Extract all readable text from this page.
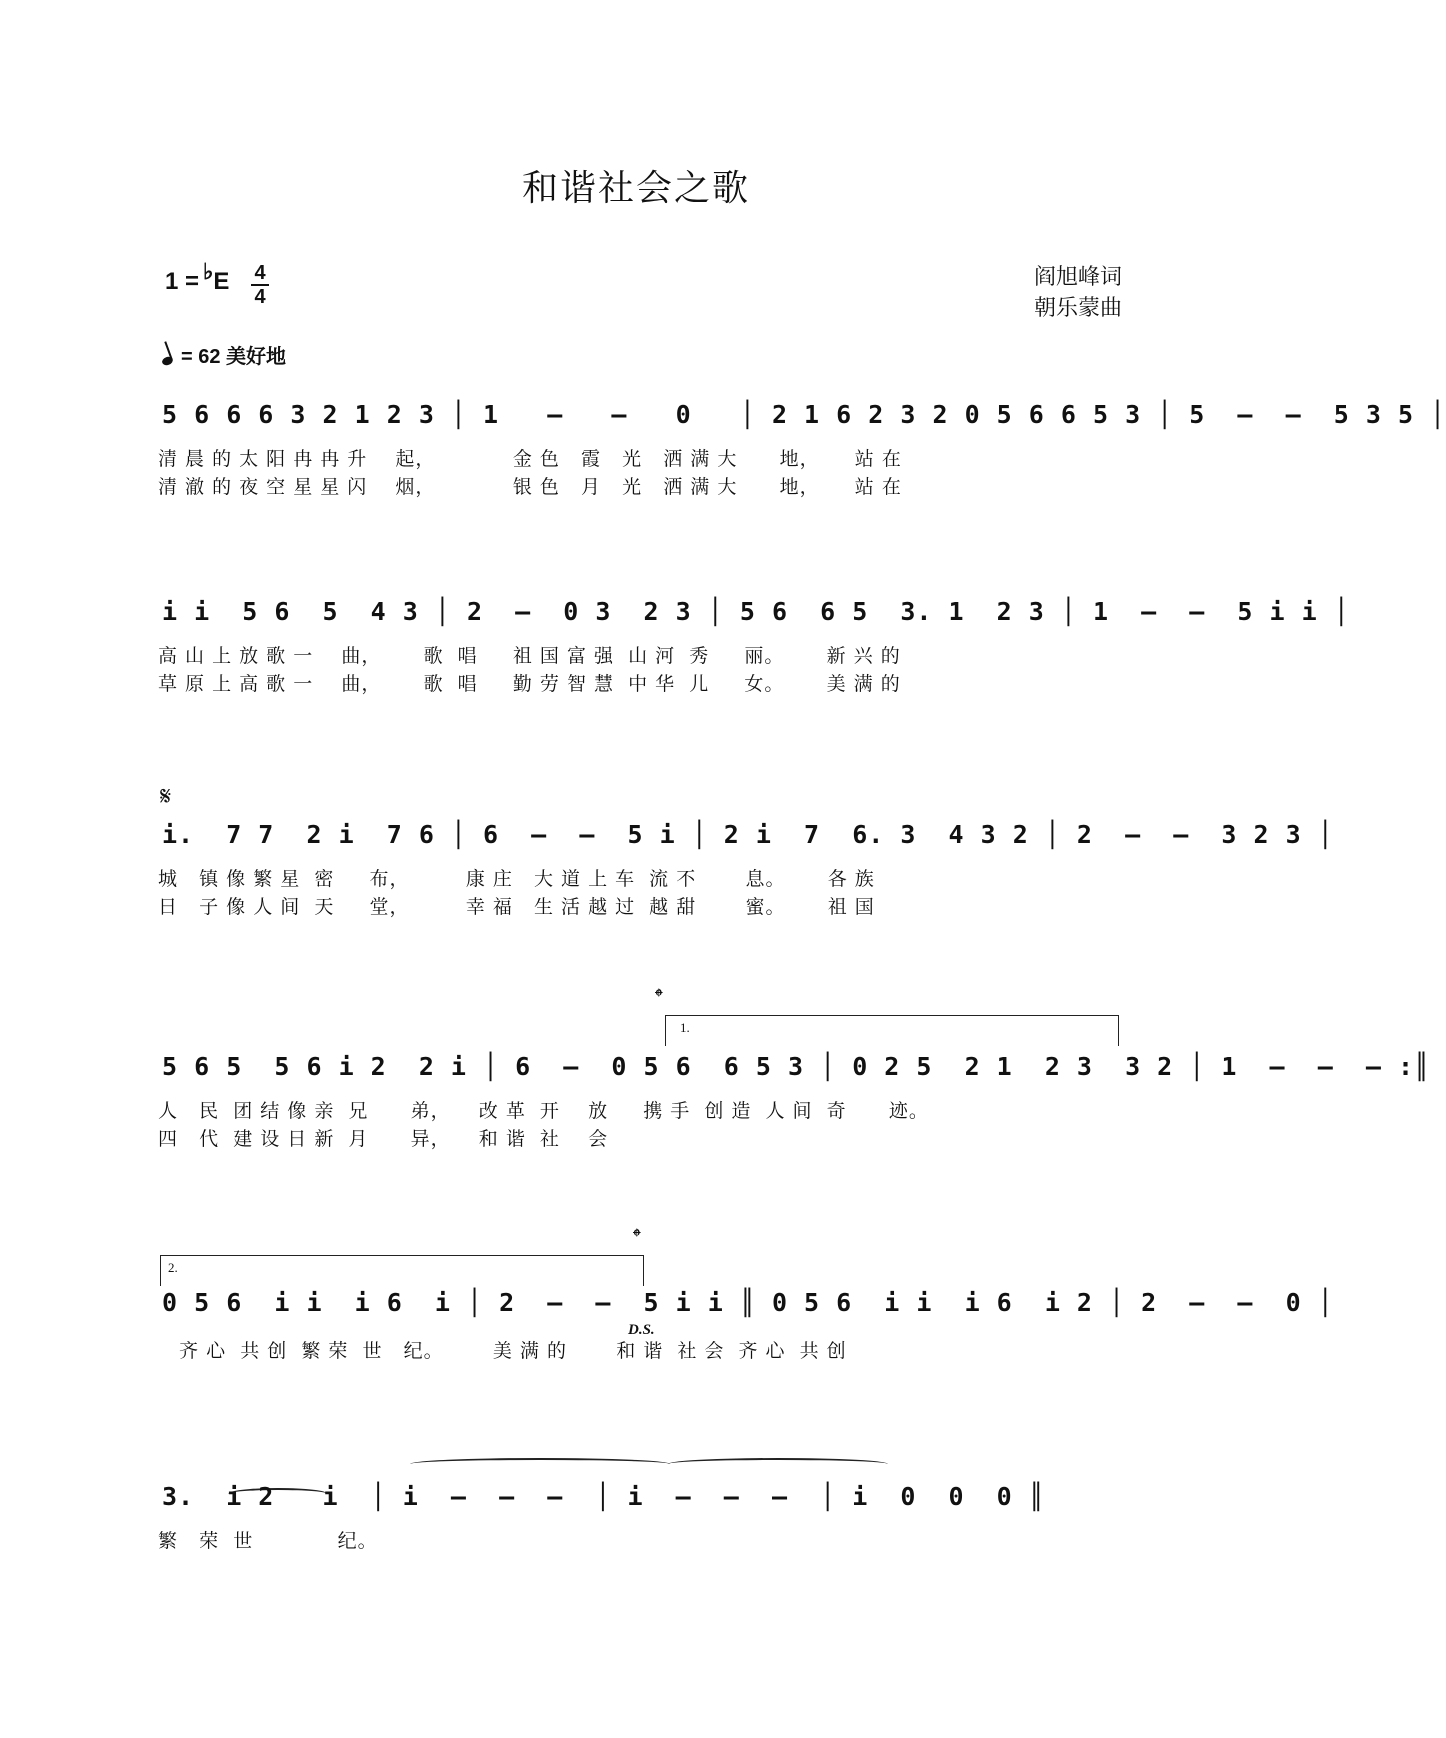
和谐社会之歌
1 = ♭E 4
4
阎旭峰词
朝乐蒙曲
= 62 美好地
5 6 6 6 3 2 1 2 3 │ 1   –   –   0   │ 2 1 6 2 3 2 0 5 6 6 5 3 │ 5  –  –  5 3 5 │
清 晨 的 太 阳 冉 冉 升    起，           金 色   霞   光   洒 满 大      地，     站 在
清 澈 的 夜 空 星 星 闪    烟，           银 色   月   光   洒 满 大      地，     站 在
i i  5 6  5  4 3 │ 2  –  0 3  2 3 │ 5 6  6 5  3. 1  2 3 │ 1  –  –  5 i i │
高 山 上 放 歌 一    曲，      歌  唱     祖 国 富 强  山 河  秀     丽。      新 兴 的
草 原 上 高 歌 一    曲，      歌  唱     勤 劳 智 慧  中 华  儿     女。      美 满 的
𝄋
i.  7 7  2 i  7 6 │ 6  –  –  5 i │ 2 i  7  6. 3  4 3 2 │ 2  –  –  3 2 3 │
城   镇 像 繁 星  密     布，        康 庄   大 道 上 车  流 不       息。      各 族
日   子 像 人 间  天     堂，        幸 福   生 活 越 过  越 甜       蜜。      祖 国
𝄌
1.
5 6 5  5 6 i 2  2 i │ 6  –  0 5 6  6 5 3 │ 0 2 5  2 1  2 3  3 2 │ 1  –  –  – :║
人   民  团 结 像 亲  兄      弟，    改 革  开    放     携 手  创 造  人 间  奇      迹。
四   代  建 设 日 新  月      异，    和 谐  社    会
𝄌
2.
0 5 6  i i  i 6  i │ 2  –  –  5 i i ║ 0 5 6  i i  i 6  i 2 │ 2  –  –  0 │
D.S.
齐 心  共 创  繁 荣  世   纪。       美 满 的       和 谐  社 会  齐 心  共 创
3.  i 2   i  │ i  –  –  –  │ i  –  –  –  │ i  0  0  0 ║
繁   荣  世            纪。
